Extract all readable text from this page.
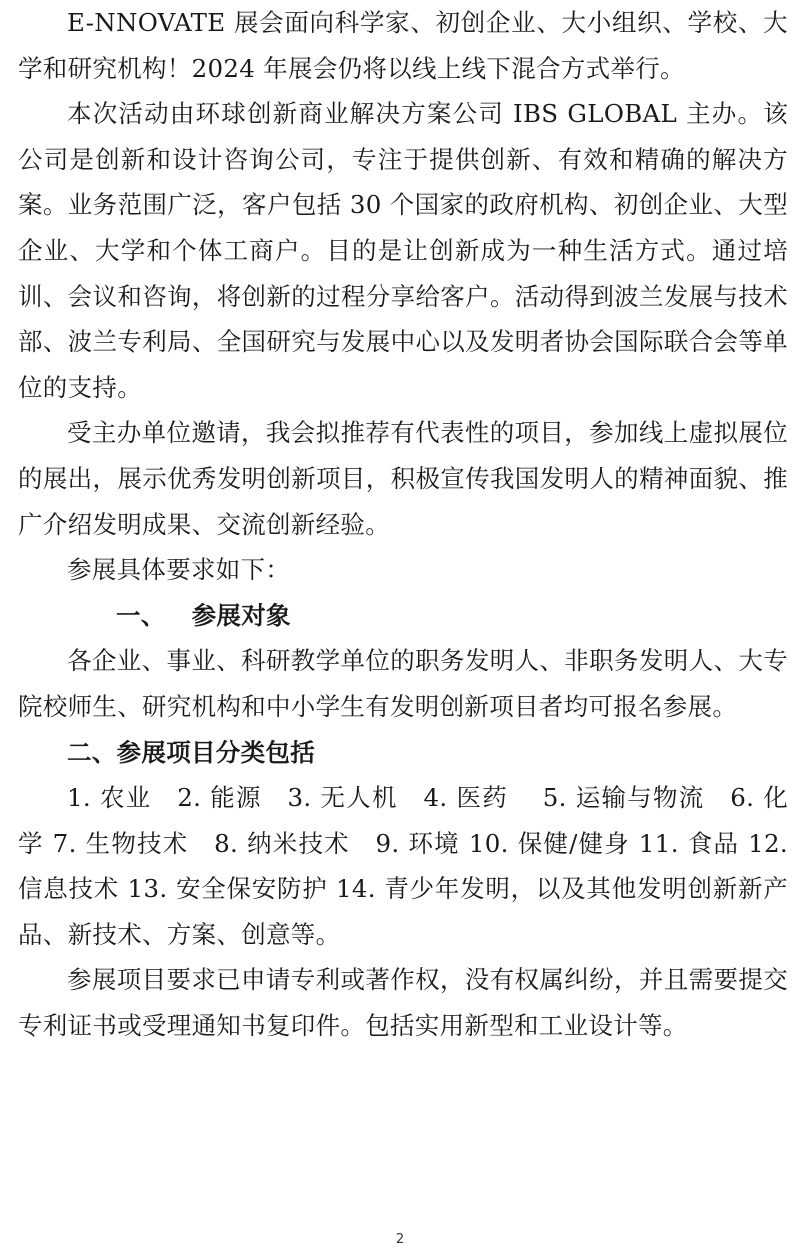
E-NNOVATE 展会面向科学家、初创企业、大小组织、学校、大学和研究机构！2024 年展会仍将以线上线下混合方式举行。

本次活动由环球创新商业解决方案公司 IBS GLOBAL 主办。该公司是创新和设计咨询公司，专注于提供创新、有效和精确的解决方案。业务范围广泛，客户包括 30 个国家的政府机构、初创企业、大型企业、大学和个体工商户。目的是让创新成为一种生活方式。通过培训、会议和咨询，将创新的过程分享给客户。活动得到波兰发展与技术部、波兰专利局、全国研究与发展中心以及发明者协会国际联合会等单位的支持。

受主办单位邀请，我会拟推荐有代表性的项目，参加线上虚拟展位的展出，展示优秀发明创新项目，积极宣传我国发明人的精神面貌、推广介绍发明成果、交流创新经验。

参展具体要求如下：

一、 参展对象

各企业、事业、科研教学单位的职务发明人、非职务发明人、大专院校师生、研究机构和中小学生有发明创新项目者均可报名参展。

二、参展项目分类包括

1. 农业　2. 能源　3. 无人机　4. 医药　 5. 运输与物流　6. 化学 7. 生物技术　8. 纳米技术　9. 环境 10. 保健/健身 11. 食品 12. 信息技术 13. 安全保安防护 14. 青少年发明，以及其他发明创新新产品、新技术、方案、创意等。

参展项目要求已申请专利或著作权，没有权属纠纷，并且需要提交专利证书或受理通知书复印件。包括实用新型和工业设计等。

2
